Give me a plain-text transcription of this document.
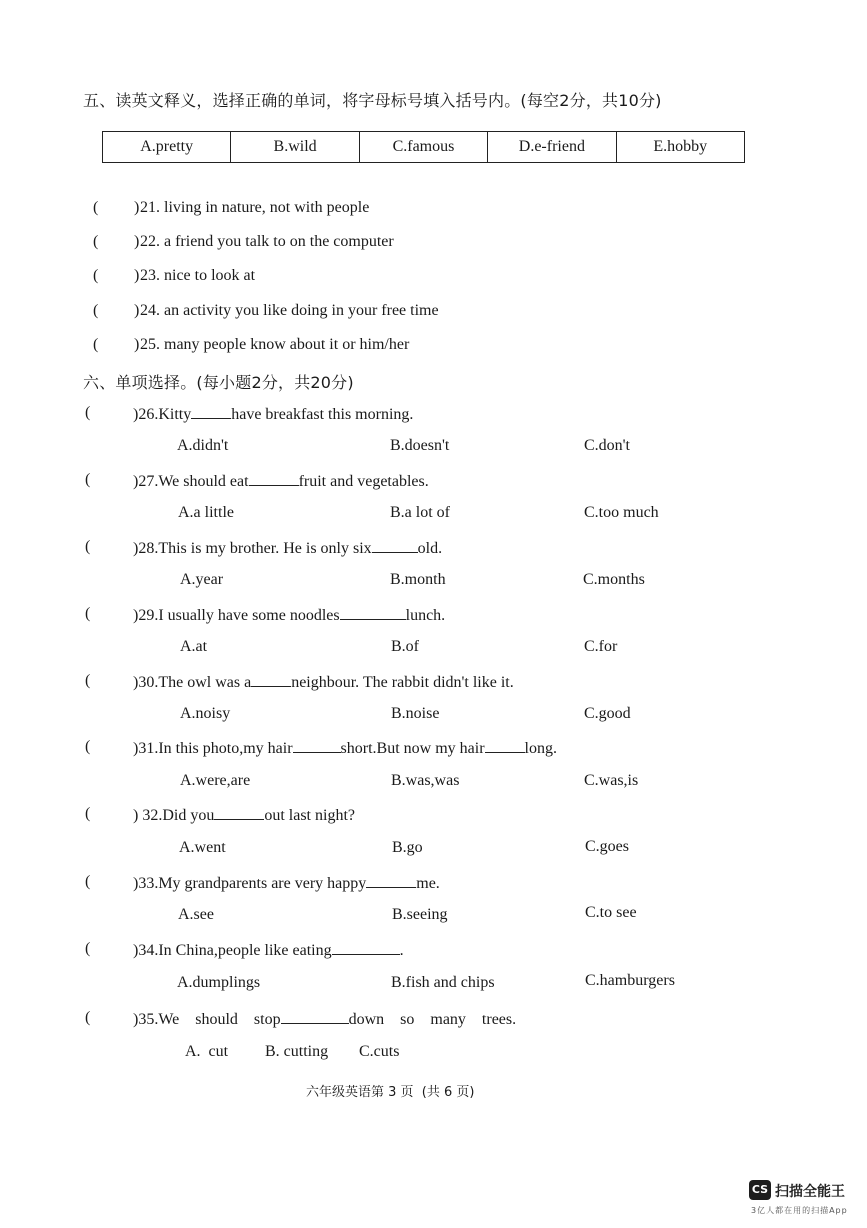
五、读英文释义，选择正确的单词，将字母标号填入括号内。(每空2分，共10分)
A.pretty	B.wild	C.famous	D.e-friend	E.hobby
( ) 21. living in nature, not with people
( ) 22. a friend you talk to on the computer
( ) 23. nice to look at
( ) 24. an activity you like doing in your free time
( ) 25. many people know about it or him/her
六、单项选择。(每小题2分，共20分)
(	)26.Kitty	have breakfast this morning.
A.didn't	B.doesn't	C.don't
(	)27.We should eat	fruit and vegetables.
A.a little	B.a lot of	C.too much
(	)28.This is my brother. He is only six	old.
A.year	B.month	C.months
(	)29.I usually have some noodles	lunch.
A.at	B.of	C.for
(	)30.The owl was a	neighbour. The rabbit didn't like it.
A.noisy	B.noise	C.good
(	)31.In this photo,my hair	short.But now my hair	long.
A.were,are	B.was,was	C.was,is
(	) 32.Did you	out last night?
A.went	B.go	C.goes
(	)33.My grandparents are very happy	me.
A.see	B.seeing	C.to see
(	)34.In China,people like eating	.
A.dumplings	B.fish and chips	C.hamburgers
(	)35.We    should    stop	down    so    many    trees.
A.  cut B. cutting C.cuts
六年级英语第 3 页  (共 6 页)
CS 扫描全能王
3亿人都在用的扫描App
